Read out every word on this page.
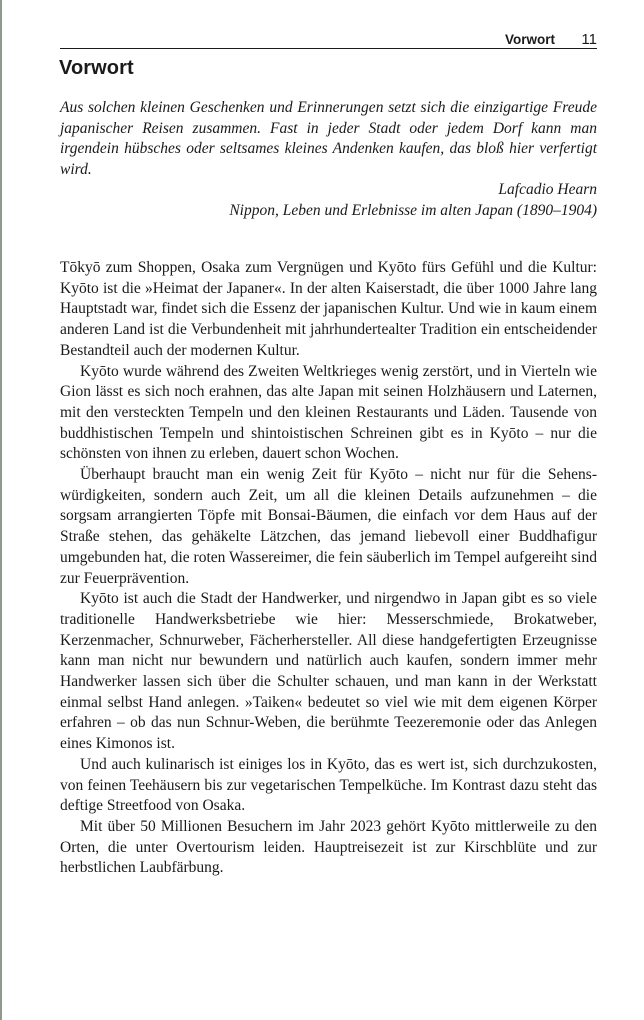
Vorwort 11
Vorwort
Aus solchen kleinen Geschenken und Erinnerungen setzt sich die einzigartige Freude japanischer Reisen zusammen. Fast in jeder Stadt oder jedem Dorf kann man irgendein hübsches oder seltsames kleines Andenken kaufen, das bloß hier verfertigt wird.
Lafcadio Hearn
Nippon, Leben und Erlebnisse im alten Japan (1890–1904)

Tōkyō zum Shoppen, Osaka zum Vergnügen und Kyōto fürs Gefühl und die Kultur: Kyōto ist die »Heimat der Japaner«. In der alten Kaiserstadt, die über 1000 Jahre lang Hauptstadt war, findet sich die Essenz der japanischen Kultur. Und wie in kaum einem anderen Land ist die Verbundenheit mit jahrhundertealter Tradition ein entscheidender Bestandteil auch der modernen Kultur.

Kyōto wurde während des Zweiten Weltkrieges wenig zerstört, und in Vierteln wie Gion lässt es sich noch erahnen, das alte Japan mit seinen Holzhäusern und Laternen, mit den versteckten Tempeln und den kleinen Restaurants und Läden. Tausende von buddhistischen Tempeln und shintoistischen Schreinen gibt es in Kyōto – nur die schönsten von ihnen zu erleben, dauert schon Wochen.

Überhaupt braucht man ein wenig Zeit für Kyōto – nicht nur für die Sehenswürdigkeiten, sondern auch Zeit, um all die kleinen Details aufzunehmen – die sorgsam arrangierten Töpfe mit Bonsai-Bäumen, die einfach vor dem Haus auf der Straße stehen, das gehäkelte Lätzchen, das jemand liebevoll einer Buddhafigur umgebunden hat, die roten Wassereimer, die fein säuberlich im Tempel aufgereiht sind zur Feuerprävention.

Kyōto ist auch die Stadt der Handwerker, und nirgendwo in Japan gibt es so viele traditionelle Handwerksbetriebe wie hier: Messerschmiede, Brokatweber, Kerzenmacher, Schnurweber, Fächerhersteller. All diese handgefertigten Erzeugnisse kann man nicht nur bewundern und natürlich auch kaufen, sondern immer mehr Handwerker lassen sich über die Schulter schauen, und man kann in der Werkstatt einmal selbst Hand anlegen. »Taiken« bedeutet so viel wie mit dem eigenen Körper erfahren – ob das nun Schnur-Weben, die berühmte Teezeremonie oder das Anlegen eines Kimonos ist.

Und auch kulinarisch ist einiges los in Kyōto, das es wert ist, sich durchzukosten, von feinen Teehäusern bis zur vegetarischen Tempelküche. Im Kontrast dazu steht das deftige Streetfood von Osaka.

Mit über 50 Millionen Besuchern im Jahr 2023 gehört Kyōto mittlerweile zu den Orten, die unter Overtourism leiden. Hauptreisezeit ist zur Kirschblüte und zur herbstlichen Laubfärbung.
